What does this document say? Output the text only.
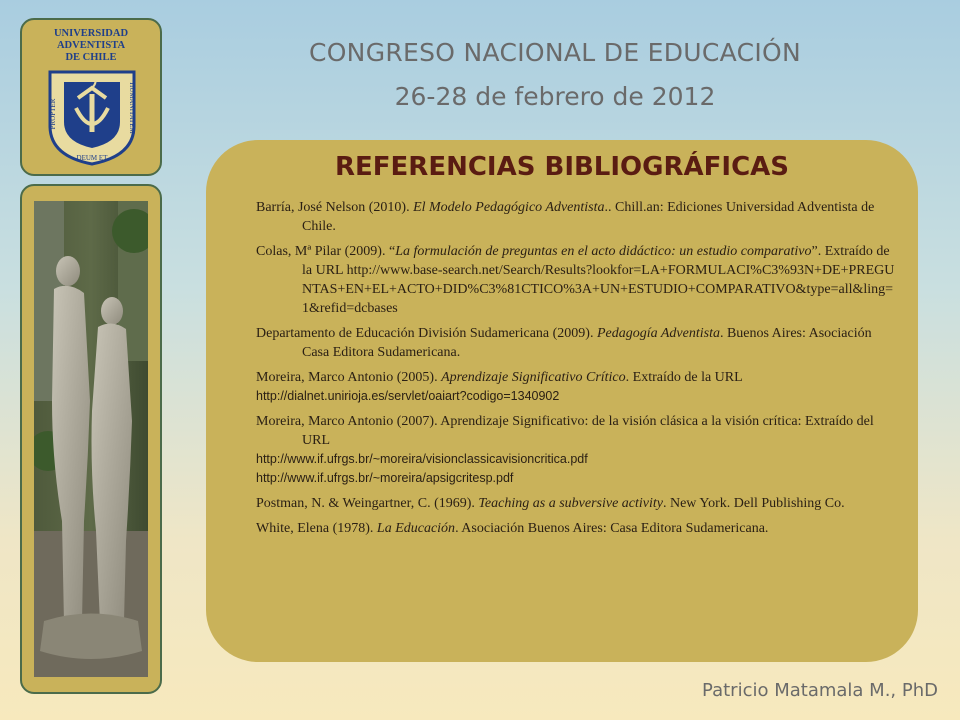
UNIVERSIDAD
ADVENTISTA
DE CHILE
PROPTER
DEUM ET
HUMANITATEM
CONGRESO NACIONAL DE EDUCACIÓN
26-28 de febrero de 2012
REFERENCIAS BIBLIOGRÁFICAS

Barría, José Nelson (2010). El Modelo Pedagógico Adventista.. Chill.an: Ediciones Universidad Adventista de Chile.

Colas, Mª Pilar (2009). “La formulación de preguntas en el acto didáctico: un estudio comparativo”. Extraído de la URL http://www.base-search.net/Search/Results?lookfor=LA+FORMULACI%C3%93N+DE+PREGUNTAS+EN+EL+ACTO+DID%C3%81CTICO%3A+UN+ESTUDIO+COMPARATIVO&type=all&ling=1&refid=dcbases

Departamento de Educación División Sudamericana (2009). Pedagogía Adventista. Buenos Aires: Asociación Casa Editora Sudamericana.

Moreira, Marco Antonio (2005). Aprendizaje Significativo Crítico. Extraído de la URL
http://dialnet.unirioja.es/servlet/oaiart?codigo=1340902

Moreira, Marco Antonio (2007). Aprendizaje Significativo: de la visión clásica a la visión crítica: Extraído del URL
http://www.if.ufrgs.br/~moreira/visionclassicavisioncritica.pdf
http://www.if.ufrgs.br/~moreira/apsigcritesp.pdf

Postman, N. & Weingartner, C. (1969). Teaching as a subversive activity. New York. Dell Publishing Co.

White, Elena (1978). La Educación. Asociación Buenos Aires: Casa Editora Sudamericana.

Patricio Matamala M., PhD
